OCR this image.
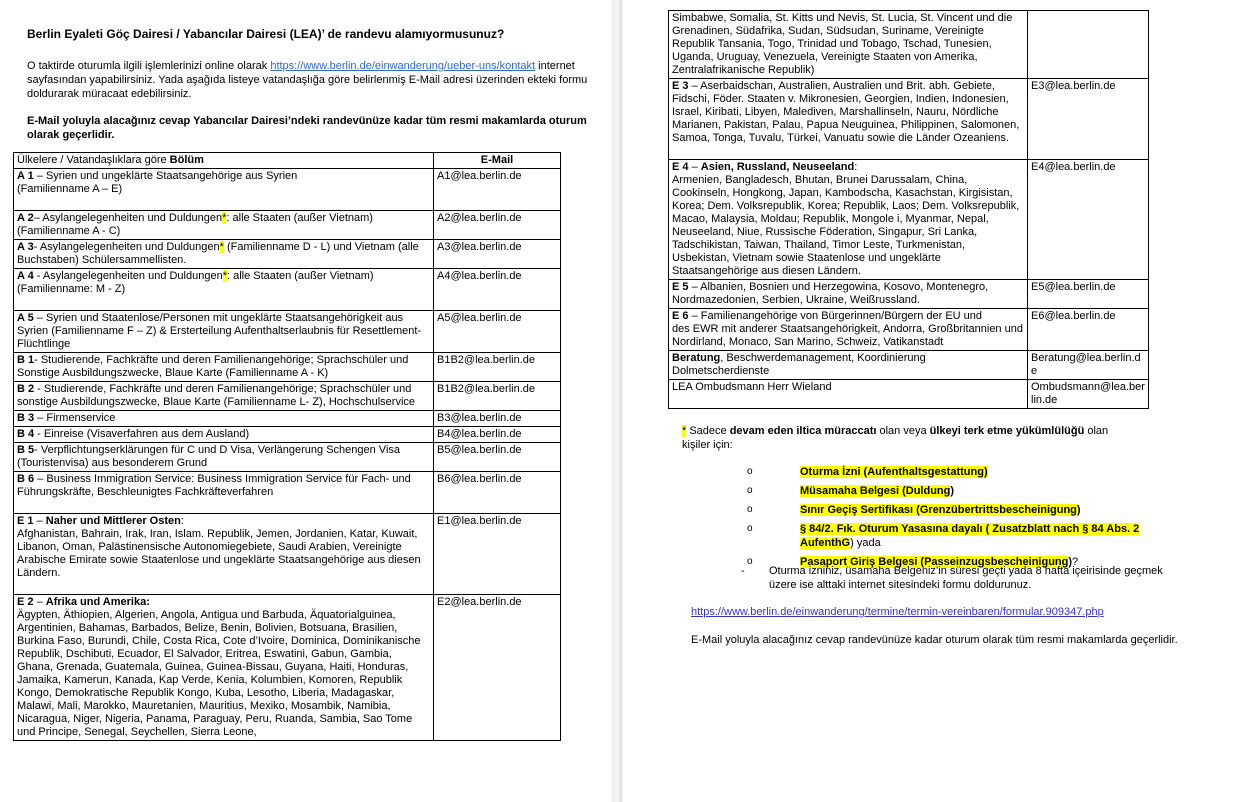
Berlin Eyaleti Göç Dairesi / Yabancılar Dairesi (LEA)’ de randevu alamıyormusunuz?

O taktirde oturumla ilgili işlemlerinizi online olarak https://www.berlin.de/einwanderung/ueber-uns/kontakt internet sayfasından yapabilirsiniz. Yada aşağıda listeye vatandaşlığa göre belirlenmiş E-Mail adresi üzerinden ekteki formu doldurarak müracaat edebilirsiniz.

E-Mail yoluyla alacağınız cevap Yabancılar Dairesi’ndeki randevünüze kadar tüm resmi makamlarda oturum olarak geçerlidir.

Ülkelere / Vatandaşlıklara göre Bölüm	E-Mail
A 1 – Syrien und ungeklärte Staatsangehörige aus Syrien
(Familienname A – E)	A1@lea.berlin.de
A 2– Asylangelegenheiten und Duldungen*: alle Staaten (außer Vietnam)
(Familienname A - C)	A2@lea.berlin.de
A 3- Asylangelegenheiten und Duldungen* (Familienname D - L) und Vietnam (alle Buchstaben) Schülersammellisten.	A3@lea.berlin.de
A 4 - Asylangelegenheiten und Duldungen*: alle Staaten (außer Vietnam)
(Familienname: M - Z)	A4@lea.berlin.de
A 5 – Syrien und Staatenlose/Personen mit ungeklärte Staatsangehörigkeit aus Syrien (Familienname F – Z) & Ersterteilung Aufenthaltserlaubnis für Resettlement-Flüchtlinge	A5@lea.berlin.de
B 1- Studierende, Fachkräfte und deren Familienangehörige; Sprachschüler und Sonstige Ausbildungszwecke, Blaue Karte (Familienname A - K)	B1B2@lea.berlin.de
B 2 - Studierende, Fachkräfte und deren Familienangehörige; Sprachschüler und sonstige Ausbildungszwecke, Blaue Karte (Familienname L- Z), Hochschulservice	B1B2@lea.berlin.de
B 3 – Firmenservice	B3@lea.berlin.de
B 4 - Einreise (Visaverfahren aus dem Ausland)	B4@lea.berlin.de
B 5- Verpflichtungserklärungen für C und D Visa, Verlängerung Schengen Visa (Touristenvisa) aus besonderem Grund	B5@lea.berlin.de
B 6 – Business Immigration Service: Business Immigration Service für Fach- und Führungskräfte, Beschleunigtes Fachkräfteverfahren	B6@lea.berlin.de
E 1 – Naher und Mittlerer Osten:
Afghanistan, Bahrain, Irak, Iran, Islam. Republik, Jemen, Jordanien, Katar, Kuwait, Libanon, Oman, Palästinensische Autonomiegebiete, Saudi Arabien, Vereinigte Arabische Emirate sowie Staatenlose und ungeklärte Staatsangehörige aus diesen Ländern.	E1@lea.berlin.de
E 2 – Afrika und Amerika:
Ägypten, Äthiopien, Algerien, Angola, Antigua und Barbuda, Äquatorialguinea, Argentinien, Bahamas, Barbados, Belize, Benin, Bolivien, Botsuana, Brasilien, Burkina Faso, Burundi, Chile, Costa Rica, Cote d’Ivoire, Dominica, Dominikanische Republik, Dschibuti, Ecuador, El Salvador, Eritrea, Eswatini, Gabun, Gambia, Ghana, Grenada, Guatemala, Guinea, Guinea-Bissau, Guyana, Haiti, Honduras, Jamaika, Kamerun, Kanada, Kap Verde, Kenia, Kolumbien, Komoren, Republik Kongo, Demokratische Republik Kongo, Kuba, Lesotho, Liberia, Madagaskar, Malawi, Mali, Marokko, Mauretanien, Mauritius, Mexiko, Mosambik, Namibia, Nicaragua, Niger, Nigeria, Panama, Paraguay, Peru, Ruanda, Sambia, Sao Tome und Principe, Senegal, Seychellen, Sierra Leone,	E2@lea.berlin.de
Simbabwe, Somalia, St. Kitts und Nevis, St. Lucia, St. Vincent und die Grenadinen, Südafrika, Sudan, Südsudan, Suriname, Vereinigte Republik Tansania, Togo, Trinidad und Tobago, Tschad, Tunesien, Uganda, Uruguay, Venezuela, Vereinigte Staaten von Amerika, Zentralafrikanische Republik)	
E 3 – Aserbaidschan, Australien, Australien und Brit. abh. Gebiete, Fidschi, Föder. Staaten v. Mikronesien, Georgien, Indien, Indonesien, Israel, Kiribati, Libyen, Malediven, Marshallinseln, Nauru, Nördliche Marianen, Pakistan, Palau, Papua Neuguinea, Philippinen, Salomonen, Samoa, Tonga, Tuvalu, Türkei, Vanuatu sowie die Länder Ozeaniens.	E3@lea.berlin.de
E 4 – Asien, Russland, Neuseeland:
Armenien, Bangladesch, Bhutan, Brunei Darussalam, China, Cookinseln, Hongkong, Japan, Kambodscha, Kasachstan, Kirgisistan, Korea; Dem. Volksrepublik, Korea; Republik, Laos; Dem. Volksrepublik, Macao, Malaysia, Moldau; Republik, Mongole i, Myanmar, Nepal, Neuseeland, Niue, Russische Föderation, Singapur, Sri Lanka, Tadschikistan, Taiwan, Thailand, Timor Leste, Turkmenistan, Usbekistan, Vietnam sowie Staatenlose und ungeklärte Staatsangehörige aus diesen Ländern.	E4@lea.berlin.de
E 5 – Albanien, Bosnien und Herzegowina, Kosovo, Montenegro,
Nordmazedonien, Serbien, Ukraine, Weißrussland.	E5@lea.berlin.de
E 6 – Familienangehörige von Bürgerinnen/Bürgern der EU und
des EWR mit anderer Staatsangehörigkeit, Andorra, Großbritannien und
Nordirland, Monaco, San Marino, Schweiz, Vatikanstadt	E6@lea.berlin.de
Beratung, Beschwerdemanagement, Koordinierung Dolmetscherdienste	Beratung@lea.berlin.de
LEA Ombudsmann Herr Wieland	Ombudsmann@lea.berlin.de
* Sadece devam eden iltica müraccatı olan veya ülkeyi terk etme yükümlülüğü olan
kişiler için:
o	Oturma İzni (Aufenthaltsgestattung)
o	Müsamaha Belgesi (Duldung)
o	Sınır Geçiş Sertifikası (Grenzübertrittsbescheinigung)
o	§ 84/2. Fık. Oturum Yasasına dayalı ( Zusatzblatt nach § 84 Abs. 2
AufenthG) yada
o	Pasaport Giriş Belgesi (Passeinzugsbescheinigung)?
-	Oturma izniniz, üsamaha Belgeniz’in süresi geçti yada 8 hafta içeirisinde geçmek
üzere ise alttaki internet sitesindeki formu doldurunuz.
https://www.berlin.de/einwanderung/termine/termin-vereinbaren/formular.909347.php

E-Mail yoluyla alacağınız cevap randevünüze kadar oturum olarak tüm resmi makamlarda geçerlidir.
